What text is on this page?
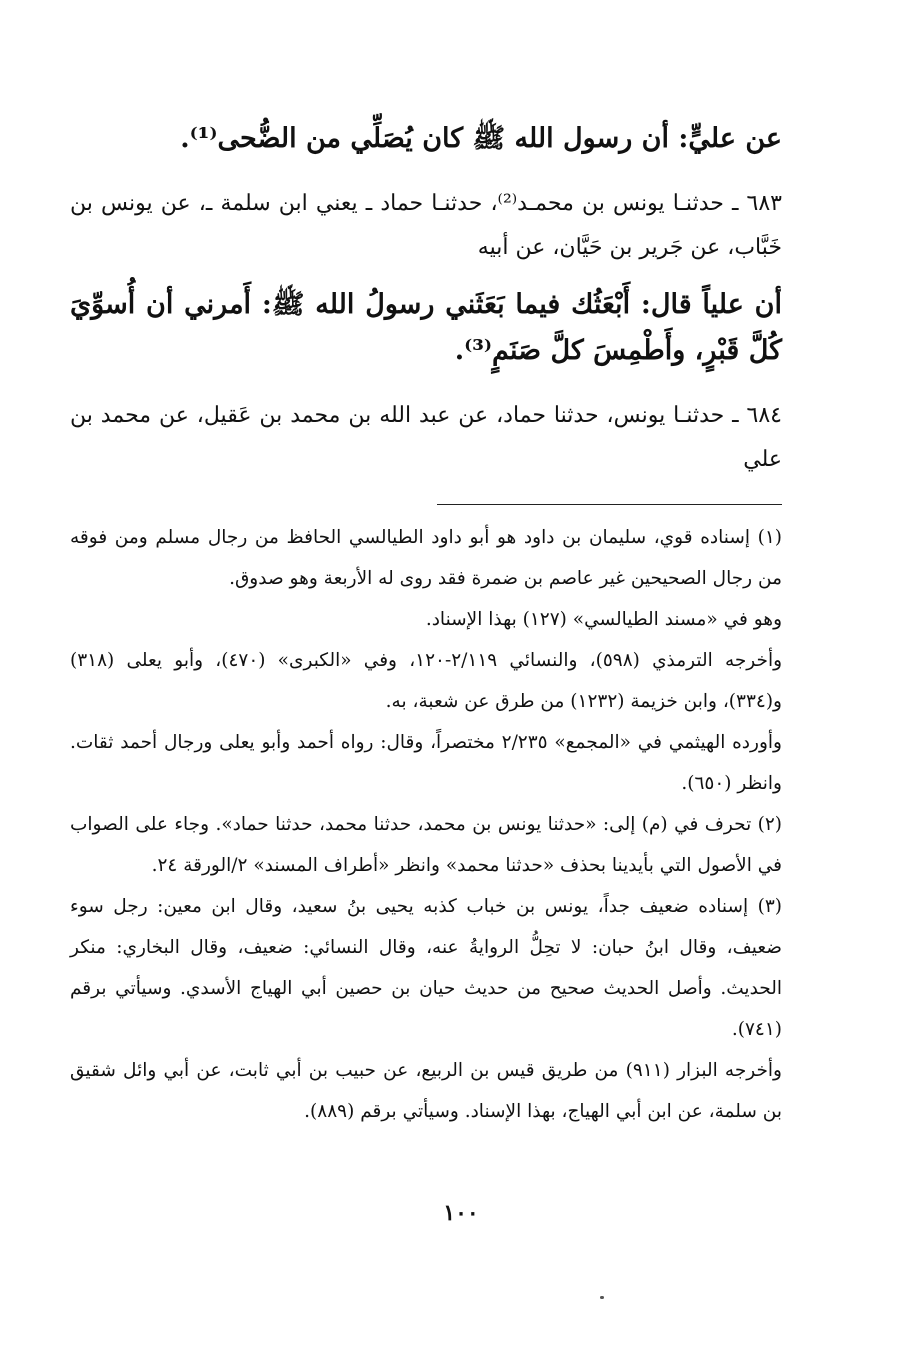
عن عليٍّ: أن رسول الله ﷺ كان يُصَلِّي من الضُّحى⁽¹⁾.

٦٨٣ ـ حدثنـا يونس بن محمـد⁽²⁾، حدثنـا حماد ـ يعني ابن سلمة ـ، عن يونس بن خَبَّاب، عن جَرير بن حَيَّان، عن أبيه

أن علياً قال: أَبْعَثُك فيما بَعَثَني رسولُ الله ﷺ: أَمرني أن أُسوِّيَ كُلَّ قَبْرٍ، وأَطْمِسَ كلَّ صَنَمٍ⁽³⁾.

٦٨٤ ـ حدثنـا يونس، حدثنا حماد، عن عبد الله بن محمد بن عَقيل، عن محمد بن علي

(١) إسناده قوي، سليمان بن داود هو أبو داود الطيالسي الحافظ من رجال مسلم ومن فوقه من رجال الصحيحين غير عاصم بن ضمرة فقد روى له الأربعة وهو صدوق.

وهو في «مسند الطيالسي» (١٢٧) بهذا الإسناد.

وأخرجه الترمذي (٥٩٨)، والنسائي ٢/١١٩-١٢٠، وفي «الكبرى» (٤٧٠)، وأبو يعلى (٣١٨) و(٣٣٤)، وابن خزيمة (١٢٣٢) من طرق عن شعبة، به.

وأورده الهيثمي في «المجمع» ٢/٢٣٥ مختصراً، وقال: رواه أحمد وأبو يعلى ورجال أحمد ثقات. وانظر (٦٥٠).

(٢) تحرف في (م) إلى: «حدثنا يونس بن محمد، حدثنا محمد، حدثنا حماد». وجاء على الصواب في الأصول التي بأيدينا بحذف «حدثنا محمد» وانظر «أطراف المسند» ٢/الورقة ٢٤.

(٣) إسناده ضعيف جداً، يونس بن خباب كذبه يحيى بنُ سعيد، وقال ابن معين: رجل سوء ضعيف، وقال ابنُ حبان: لا تحِلُّ الروايةُ عنه، وقال النسائي: ضعيف، وقال البخاري: منكر الحديث. وأصل الحديث صحيح من حديث حيان بن حصين أبي الهياج الأسدي. وسيأتي برقم (٧٤١).

وأخرجه البزار (٩١١) من طريق قيس بن الربيع، عن حبيب بن أبي ثابت، عن أبي وائل شقيق بن سلمة، عن ابن أبي الهياج، بهذا الإسناد. وسيأتي برقم (٨٨٩).

١٠٠
